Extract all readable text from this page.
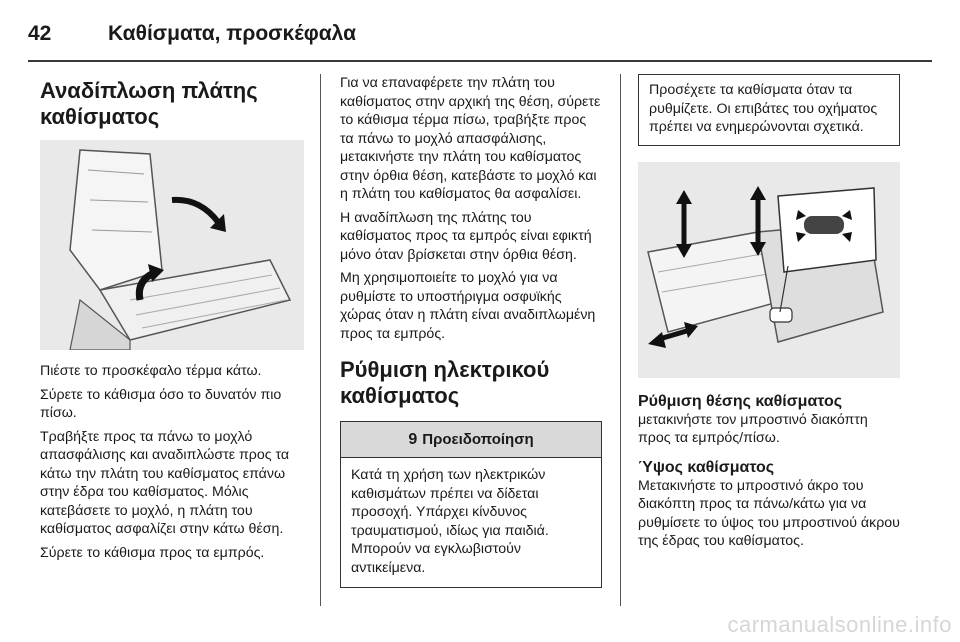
42	Καθίσματα, προσκέφαλα
Αναδίπλωση πλάτης καθίσματος

Πιέστε το προσκέφαλο τέρμα κάτω.

Σύρετε το κάθισμα όσο το δυνατόν πιο πίσω.

Τραβήξτε προς τα πάνω το μοχλό απασφάλισης και αναδιπλώστε προς τα κάτω την πλάτη του καθίσματος επάνω στην έδρα του καθίσματος. Μόλις κατεβάσετε το μοχλό, η πλάτη του καθίσματος ασφαλίζει στην κάτω θέση.

Σύρετε το κάθισμα προς τα εμπρός.

Για να επαναφέρετε την πλάτη του καθίσματος στην αρχική της θέση, σύρετε το κάθισμα τέρμα πίσω, τραβήξτε προς τα πάνω το μοχλό απασφάλισης, μετακινήστε την πλάτη του καθίσματος στην όρθια θέση, κατεβάστε το μοχλό και η πλάτη του καθίσματος θα ασφαλίσει.

Η αναδίπλωση της πλάτης του καθίσματος προς τα εμπρός είναι εφικτή μόνο όταν βρίσκεται στην όρθια θέση.

Μη χρησιμοποιείτε το μοχλό για να ρυθμίστε το υποστήριγμα οσφυϊκής χώρας όταν η πλάτη είναι αναδιπλωμένη προς τα εμπρός.

Ρύθμιση ηλεκτρικού καθίσματος
9 Προειδοποίηση

Κατά τη χρήση των ηλεκτρικών καθισμάτων πρέπει να δίδεται προσοχή. Υπάρχει κίνδυνος τραυματισμού, ιδίως για παιδιά. Μπορούν να εγκλωβιστούν αντικείμενα.

Προσέχετε τα καθίσματα όταν τα ρυθμίζετε. Οι επιβάτες του οχήματος πρέπει να ενημερώνονται σχετικά.

Ρύθμιση θέσης καθίσματος

μετακινήστε τον μπροστινό διακόπτη προς τα εμπρός/πίσω.

Ύψος καθίσματος

Μετακινήστε το μπροστινό άκρο του διακόπτη προς τα πάνω/κάτω για να ρυθμίσετε το ύψος του μπροστινού άκρου της έδρας του καθίσματος.

carmanualsonline.info
